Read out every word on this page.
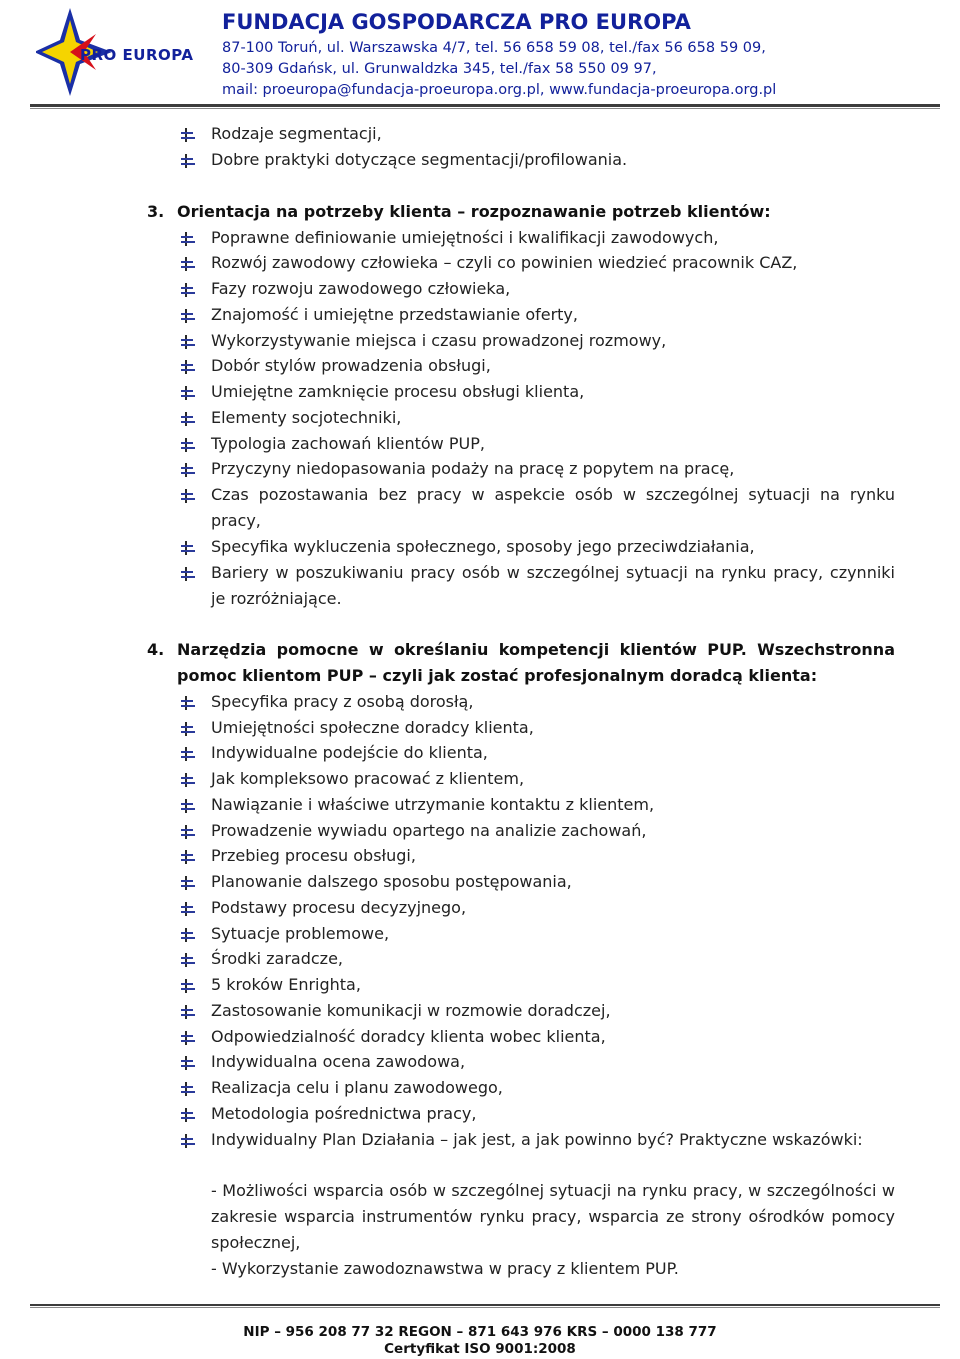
PRO EUROPA
FUNDACJA GOSPODARCZA PRO EUROPA
87-100 Toruń, ul. Warszawska 4/7, tel. 56 658 59 08, tel./fax 56 658 59 09,
80-309 Gdańsk, ul. Grunwaldzka 345, tel./fax 58 550 09 97,
mail: proeuropa@fundacja-proeuropa.org.pl, www.fundacja-proeuropa.org.pl
Rodzaje segmentacji,
Dobre praktyki dotyczące segmentacji/profilowania.
3. Orientacja na potrzeby klienta – rozpoznawanie potrzeb klientów:
Poprawne definiowanie umiejętności i kwalifikacji zawodowych,
Rozwój zawodowy człowieka – czyli co powinien wiedzieć pracownik CAZ,
Fazy rozwoju zawodowego człowieka,
Znajomość i umiejętne przedstawianie oferty,
Wykorzystywanie miejsca i czasu prowadzonej rozmowy,
Dobór stylów prowadzenia obsługi,
Umiejętne zamknięcie procesu obsługi klienta,
Elementy socjotechniki,
Typologia zachowań klientów PUP,
Przyczyny niedopasowania podaży na pracę z popytem na pracę,
Czas pozostawania bez pracy w aspekcie osób w szczególnej sytuacji na rynku pracy,
Specyfika wykluczenia społecznego, sposoby jego przeciwdziałania,
Bariery w poszukiwaniu pracy osób w szczególnej sytuacji na rynku pracy, czynniki je rozróżniające.
4. Narzędzia pomocne w określaniu kompetencji klientów PUP. Wszechstronna pomoc klientom PUP – czyli jak zostać profesjonalnym doradcą klienta:
Specyfika pracy z osobą dorosłą,
Umiejętności społeczne doradcy klienta,
Indywidualne podejście do klienta,
Jak kompleksowo pracować z klientem,
Nawiązanie i właściwe utrzymanie kontaktu z klientem,
Prowadzenie wywiadu opartego na analizie zachowań,
Przebieg procesu obsługi,
Planowanie dalszego sposobu postępowania,
Podstawy procesu decyzyjnego,
Sytuacje problemowe,
Środki zaradcze,
5 kroków Enrighta,
Zastosowanie komunikacji w rozmowie doradczej,
Odpowiedzialność doradcy klienta wobec klienta,
Indywidualna ocena zawodowa,
Realizacja celu i planu zawodowego,
Metodologia pośrednictwa pracy,
Indywidualny Plan Działania – jak jest, a jak powinno być? Praktyczne wskazówki:
- Możliwości wsparcia osób w szczególnej sytuacji na rynku pracy, w szczególności w zakresie wsparcia instrumentów rynku pracy, wsparcia ze strony ośrodków pomocy społecznej,
- Wykorzystanie zawodoznawstwa w pracy z klientem PUP.
NIP – 956 208 77 32 REGON – 871 643 976 KRS – 0000 138 777
Certyfikat ISO 9001:2008
